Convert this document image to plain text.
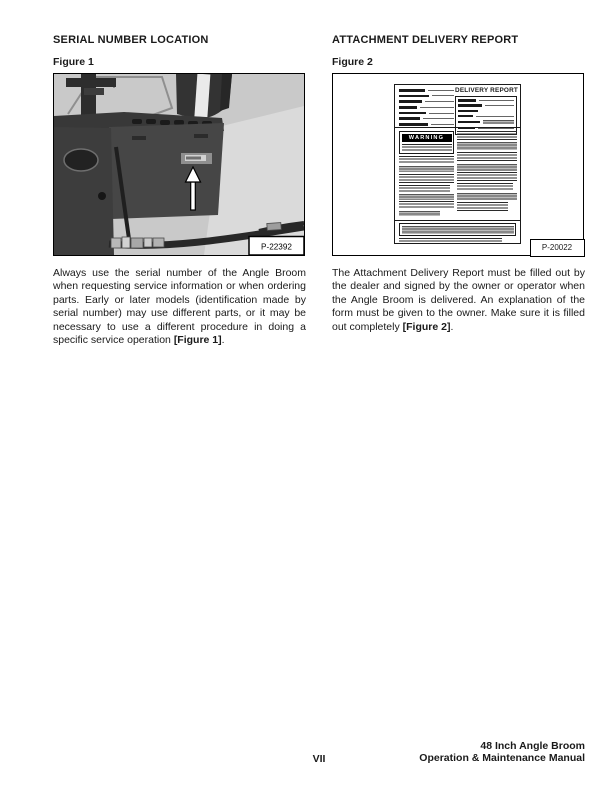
SERIAL NUMBER LOCATION
Figure 1
P-22392

Always use the serial number of the Angle Broom when requesting service information or when ordering parts. Early or later models (identification made by serial number) may use different parts, or it may be necessary to use a different procedure in doing a specific service operation [Figure 1].

ATTACHMENT DELIVERY REPORT
Figure 2
DELIVERY REPORT
WARNING
P-20022

The Attachment Delivery Report must be filled out by the dealer and signed by the owner or operator when the Angle Broom is delivered. An explanation of the form must be given to the owner. Make sure it is filled out completely [Figure 2].

VII
48 Inch Angle Broom
Operation & Maintenance Manual
